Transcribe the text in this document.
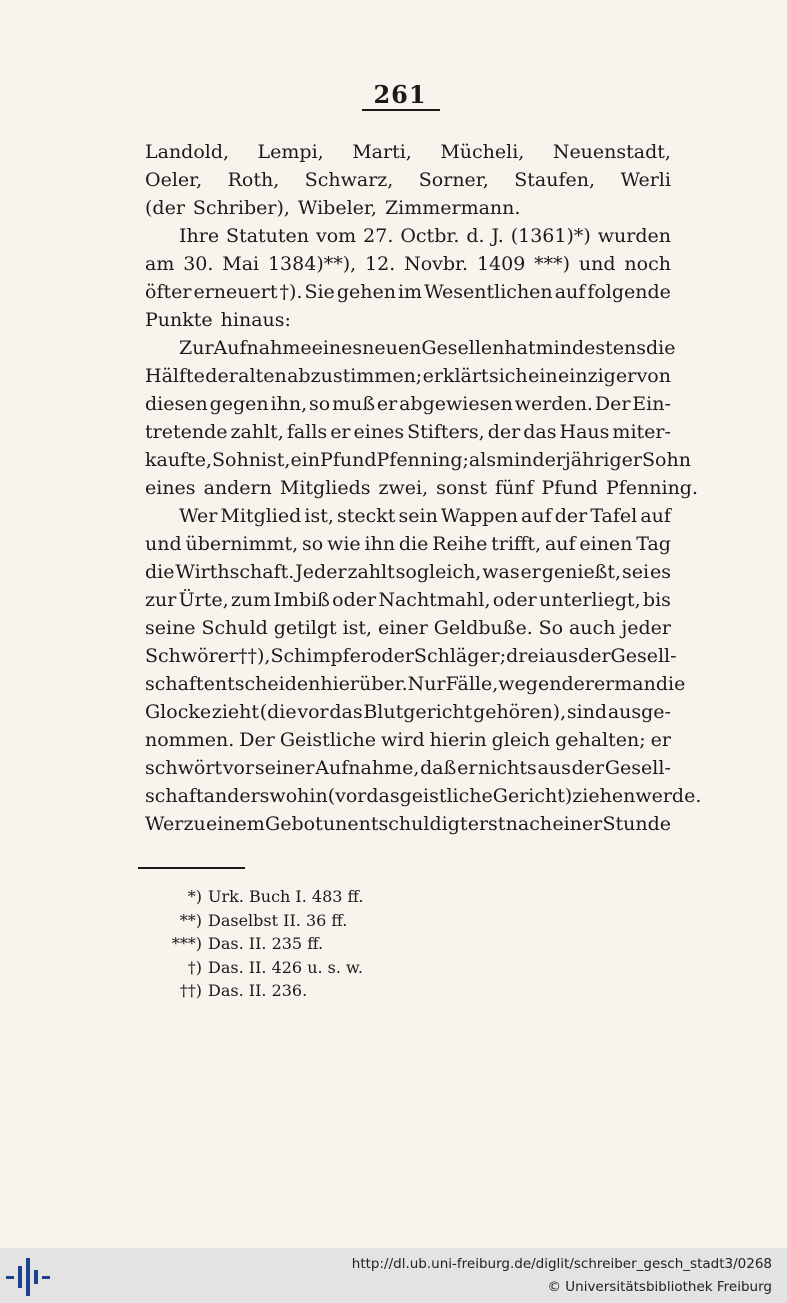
261
Landold, Lempi, Marti, Mücheli, Neuenstadt,
Oeler, Roth, Schwarz, Sorner, Staufen, Werli
(der Schriber), Wibeler, Zimmermann.
Ihre Statuten vom 27. Octbr. d. J. (1361)*) wurden
am 30. Mai 1384)**), 12. Novbr. 1409 ***) und noch
öfter erneuert †). Sie gehen im Wesentlichen auf folgende
Punkte hinaus:
Zur Aufnahme eines neuen Gesellen hat mindestens die
Hälfte der alten abzustimmen; erklärt sich ein einziger von
diesen gegen ihn, so muß er abgewiesen werden. Der Ein-
tretende zahlt, falls er eines Stifters, der das Haus miter-
kaufte, Sohn ist, ein Pfund Pfenning; als minderjähriger Sohn
eines andern Mitglieds zwei, sonst fünf Pfund Pfenning.
Wer Mitglied ist, steckt sein Wappen auf der Tafel auf
und übernimmt, so wie ihn die Reihe trifft, auf einen Tag
die Wirthschaft. Jeder zahlt sogleich, was er genießt, sei es
zur Ürte, zum Imbiß oder Nachtmahl, oder unterliegt, bis
seine Schuld getilgt ist, einer Geldbuße. So auch jeder
Schwörer ††), Schimpfer oder Schläger; drei aus der Gesell-
schaft entscheiden hierüber. Nur Fälle, wegen derer man die
Glocke zieht (die vor das Blutgericht gehören), sind ausge-
nommen. Der Geistliche wird hierin gleich gehalten; er
schwört vor seiner Aufnahme, daß er nichts aus der Gesell-
schaft anderswohin (vor das geistliche Gericht) ziehen werde.
Wer zu einem Gebot unentschuldigt erst nach einer Stunde
*) Urk. Buch I. 483 ff.
**) Daselbst II. 36 ff.
***) Das. II. 235 ff.
†) Das. II. 426 u. s. w.
††) Das. II. 236.
http://dl.ub.uni-freiburg.de/diglit/schreiber_gesch_stadt3/0268
© Universitätsbibliothek Freiburg
